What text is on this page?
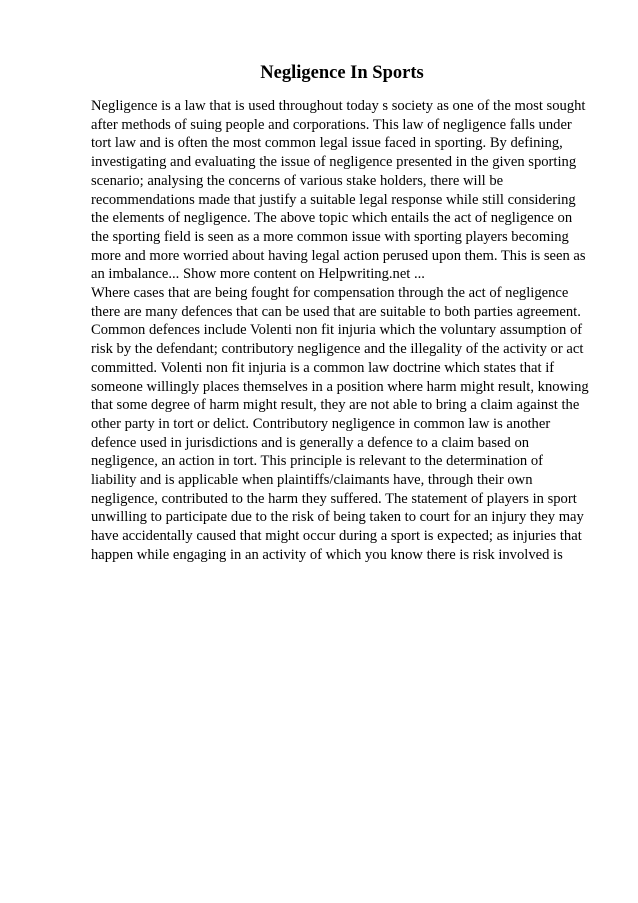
Negligence In Sports

Negligence is a law that is used throughout today s society as one of the most sought after methods of suing people and corporations. This law of negligence falls under tort law and is often the most common legal issue faced in sporting. By defining, investigating and evaluating the issue of negligence presented in the given sporting scenario; analysing the concerns of various stake holders, there will be recommendations made that justify a suitable legal response while still considering the elements of negligence. The above topic which entails the act of negligence on the sporting field is seen as a more common issue with sporting players becoming more and more worried about having legal action perused upon them. This is seen as an imbalance... Show more content on Helpwriting.net ...

Where cases that are being fought for compensation through the act of negligence there are many defences that can be used that are suitable to both parties agreement. Common defences include Volenti non fit injuria which the voluntary assumption of risk by the defendant; contributory negligence and the illegality of the activity or act committed. Volenti non fit injuria is a common law doctrine which states that if someone willingly places themselves in a position where harm might result, knowing that some degree of harm might result, they are not able to bring a claim against the other party in tort or delict. Contributory negligence in common law is another defence used in jurisdictions and is generally a defence to a claim based on negligence, an action in tort. This principle is relevant to the determination of liability and is applicable when plaintiffs/claimants have, through their own negligence, contributed to the harm they suffered. The statement of players in sport unwilling to participate due to the risk of being taken to court for an injury they may have accidentally caused that might occur during a sport is expected; as injuries that happen while engaging in an activity of which you know there is risk involved is
